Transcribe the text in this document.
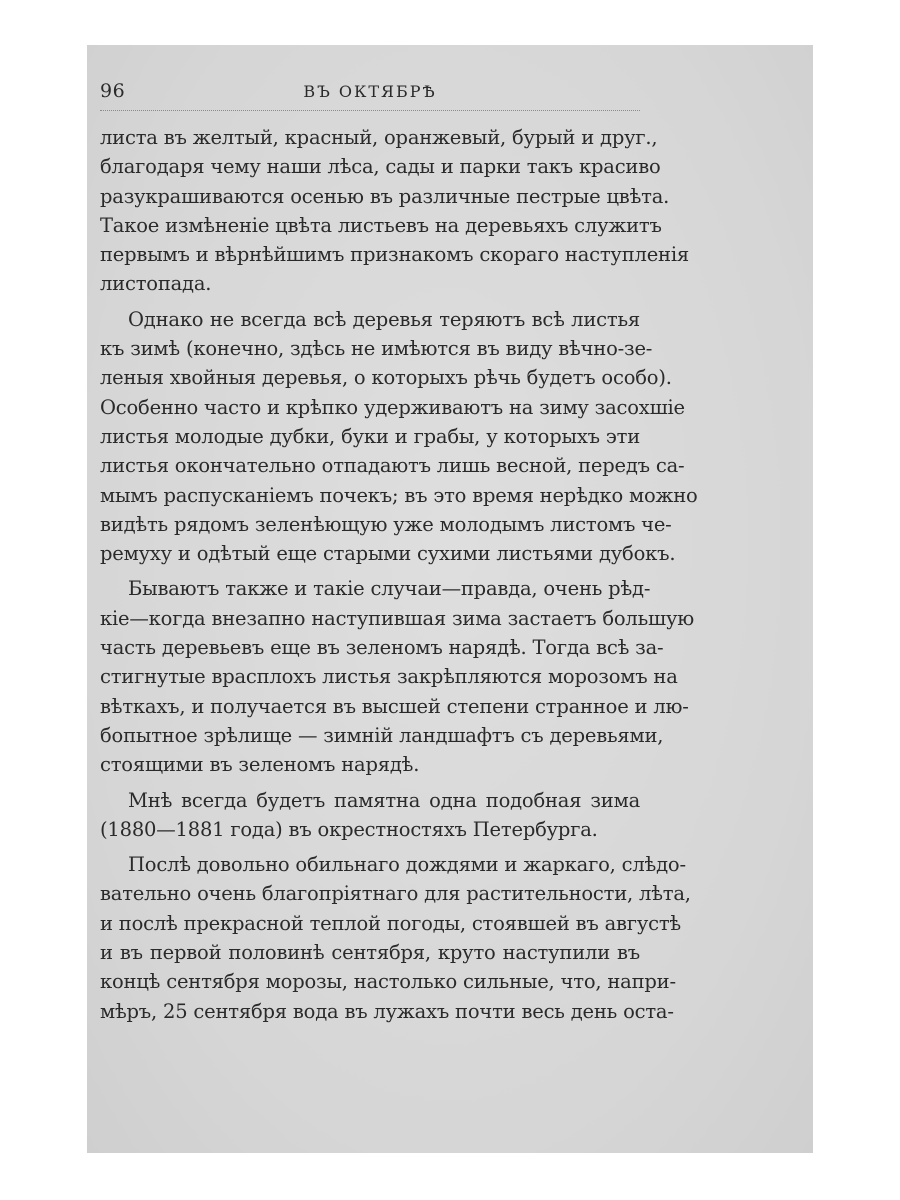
96	ВЪ ОКТЯБРѢ
листа въ желтый, красный, оранжевый, бурый и друг.,
благодаря чему наши лѣса, сады и парки такъ красиво
разукрашиваются осенью въ различные пестрые цвѣта.
Такое измѣненіе цвѣта листьевъ на деревьяхъ служитъ
первымъ и вѣрнѣйшимъ признакомъ скораго наступленія
листопада.
Однако не всегда всѣ деревья теряютъ всѣ листья
къ зимѣ (конечно, здѣсь не имѣются въ виду вѣчно-зе-
леныя хвойныя деревья, о которыхъ рѣчь будетъ особо).
Особенно часто и крѣпко удерживаютъ на зиму засохшіе
листья молодые дубки, буки и грабы, у которыхъ эти
листья окончательно отпадаютъ лишь весной, передъ са-
мымъ распусканіемъ почекъ; въ это время нерѣдко можно
видѣть рядомъ зеленѣющую уже молодымъ листомъ че-
ремуху и одѣтый еще старыми сухими листьями дубокъ.
Бываютъ также и такіе случаи—правда, очень рѣд-
кіе—когда внезапно наступившая зима застаетъ большую
часть деревьевъ еще въ зеленомъ нарядѣ. Тогда всѣ за-
стигнутые врасплохъ листья закрѣпляются морозомъ на
вѣткахъ, и получается въ высшей степени странное и лю-
бопытное зрѣлище — зимній ландшафтъ съ деревьями,
стоящими въ зеленомъ нарядѣ.
Мнѣ всегда будетъ памятна одна подобная зима
(1880—1881 года) въ окрестностяхъ Петербурга.
Послѣ довольно обильнаго дождями и жаркаго, слѣдо-
вательно очень благопріятнаго для растительности, лѣта,
и послѣ прекрасной теплой погоды, стоявшей въ августѣ
и въ первой половинѣ сентября, круто наступили въ
концѣ сентября морозы, настолько сильные, что, напри-
мѣръ, 25 сентября вода въ лужахъ почти весь день оста-
